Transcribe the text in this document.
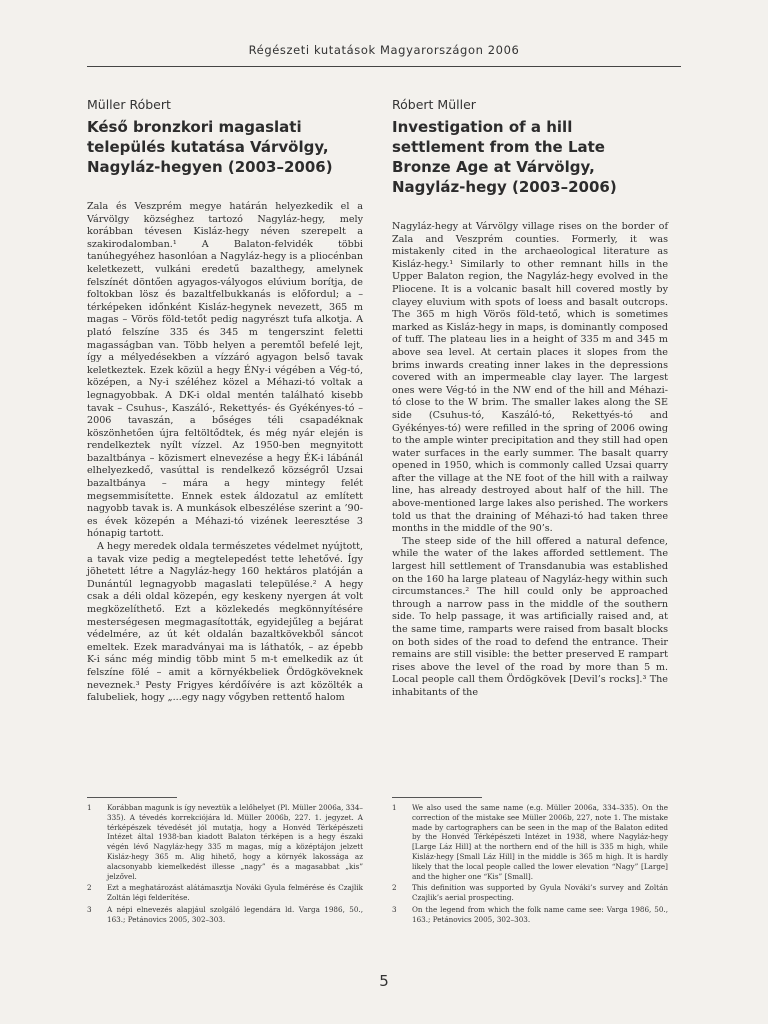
Régészeti kutatások Magyarországon 2006
Müller Róbert
Késő bronzkori magaslati település kutatása Várvölgy, Nagyláz-hegyen (2003–2006)

Zala és Veszprém megye határán helyezkedik el a Várvölgy községhez tartozó Nagyláz-hegy, mely korábban tévesen Kisláz-hegy néven szerepelt a szakirodalomban.¹ A Balaton-felvidék többi tanúhegyéhez hasonlóan a Nagyláz-hegy is a pliocénban keletkezett, vulkáni eredetű bazalthegy, amelynek felszínét döntően agyagos-vályogos elúvium borítja, de foltokban lösz és bazaltfelbukkanás is előfordul; a – térképeken időnként Kisláz-hegynek nevezett, 365 m magas – Vörös föld-tetőt pedig nagyrészt tufa alkotja. A plató felszíne 335 és 345 m tengerszint feletti magasságban van. Több helyen a peremtől befelé lejt, így a mélyedésekben a vízzáró agyagon belső tavak keletkeztek. Ezek közül a hegy ÉNy-i végében a Vég-tó, középen, a Ny-i széléhez közel a Méhazi-tó voltak a legnagyobbak. A DK-i oldal mentén található kisebb tavak – Csuhus-, Kaszáló-, Rekettyés- és Gyékényes-tó – 2006 tavaszán, a bőséges téli csapadéknak köszönhetően újra feltöltődtek, és még nyár elején is rendelkeztek nyílt vízzel. Az 1950-ben megnyitott bazaltbánya – közismert elnevezése a hegy ÉK-i lábánál elhelyezkedő, vasúttal is rendelkező községről Uzsai bazaltbánya – mára a hegy mintegy felét megsemmisítette. Ennek estek áldozatul az említett nagyobb tavak is. A munkások elbeszélése szerint a ’90-es évek közepén a Méhazi-tó vizének leeresztése 3 hónapig tartott.

A hegy meredek oldala természetes védelmet nyújtott, a tavak vize pedig a megtelepedést tette lehetővé. Így jöhetett létre a Nagyláz-hegy 160 hektáros platóján a Dunántúl legnagyobb magaslati települése.² A hegy csak a déli oldal közepén, egy keskeny nyergen át volt megközelíthető. Ezt a közlekedés megkönnyítésére mesterségesen megmagasították, egyidejűleg a bejárat védelmére, az út két oldalán bazaltkövekből sáncot emeltek. Ezek maradványai ma is láthatók, – az épebb K-i sánc még mindig több mint 5 m-t emelkedik az út felszíne fölé – amit a környékbeliek Ördögköveknek neveznek.³ Pesty Frigyes kérdőívére is azt közölték a falubeliek, hogy „...egy nagy vőgyben rettentő halom

Róbert Müller
Investigation of a hill settlement from the Late Bronze Age at Várvölgy, Nagyláz-hegy (2003–2006)

Nagyláz-hegy at Várvölgy village rises on the border of Zala and Veszprém counties. Formerly, it was mistakenly cited in the archaeological literature as Kisláz-hegy.¹ Similarly to other remnant hills in the Upper Balaton region, the Nagyláz-hegy evolved in the Pliocene. It is a volcanic basalt hill covered mostly by clayey eluvium with spots of loess and basalt outcrops. The 365 m high Vörös föld-tető, which is sometimes marked as Kisláz-hegy in maps, is dominantly composed of tuff. The plateau lies in a height of 335 m and 345 m above sea level. At certain places it slopes from the brims inwards creating inner lakes in the depressions covered with an impermeable clay layer. The largest ones were Vég-tó in the NW end of the hill and Méhazi-tó close to the W brim. The smaller lakes along the SE side (Csuhus-tó, Kaszáló-tó, Rekettyés-tó and Gyékényes-tó) were refilled in the spring of 2006 owing to the ample winter precipitation and they still had open water surfaces in the early summer. The basalt quarry opened in 1950, which is commonly called Uzsai quarry after the village at the NE foot of the hill with a railway line, has already destroyed about half of the hill. The above-mentioned large lakes also perished. The workers told us that the draining of Méhazi-tó had taken three months in the middle of the 90’s.

The steep side of the hill offered a natural defence, while the water of the lakes afforded settlement. The largest hill settlement of Transdanubia was established on the 160 ha large plateau of Nagyláz-hegy within such circumstances.² The hill could only be approached through a narrow pass in the middle of the southern side. To help passage, it was artificially raised and, at the same time, ramparts were raised from basalt blocks on both sides of the road to defend the entrance. Their remains are still visible: the better preserved E rampart rises above the level of the road by more than 5 m. Local people call them Ördögkövek [Devil’s rocks].³ The inhabitants of the

1	Korábban magunk is így neveztük a lelőhelyet (Pl. Müller 2006a, 334–335). A tévedés korrekciójára ld. Müller 2006b, 227. 1. jegyzet. A térképészek tévedését jól mutatja, hogy a Honvéd Térképészeti Intézet által 1938-ban kiadott Balaton térképen is a hegy északi végén lévő Nagyláz-hegy 335 m magas, míg a középtájon jelzett Kisláz-hegy 365 m. Alig hihető, hogy a környék lakossága az alacsonyabb kiemelkedést illesse „nagy” és a magasabbat „kis” jelzővel.
2	Ezt a meghatározást alátámasztja Nováki Gyula felmérése és Czajlik Zoltán légi felderítése.
3	A népi elnevezés alapjául szolgáló legendára ld. Varga 1986, 50., 163.; Petánovics 2005, 302–303.
1	We also used the same name (e.g. Müller 2006a, 334–335). On the correction of the mistake see Müller 2006b, 227, note 1. The mistake made by cartographers can be seen in the map of the Balaton edited by the Honvéd Térképészeti Intézet in 1938, where Nagyláz-hegy [Large Láz Hill] at the northern end of the hill is 335 m high, while Kisláz-hegy [Small Láz Hill] in the middle is 365 m high. It is hardly likely that the local people called the lower elevation “Nagy” [Large] and the higher one “Kis” [Small].
2	This definition was supported by Gyula Nováki’s survey and Zoltán Czajlik’s aerial prospecting.
3	On the legend from which the folk name came see: Varga 1986, 50., 163.; Petánovics 2005, 302–303.
5
